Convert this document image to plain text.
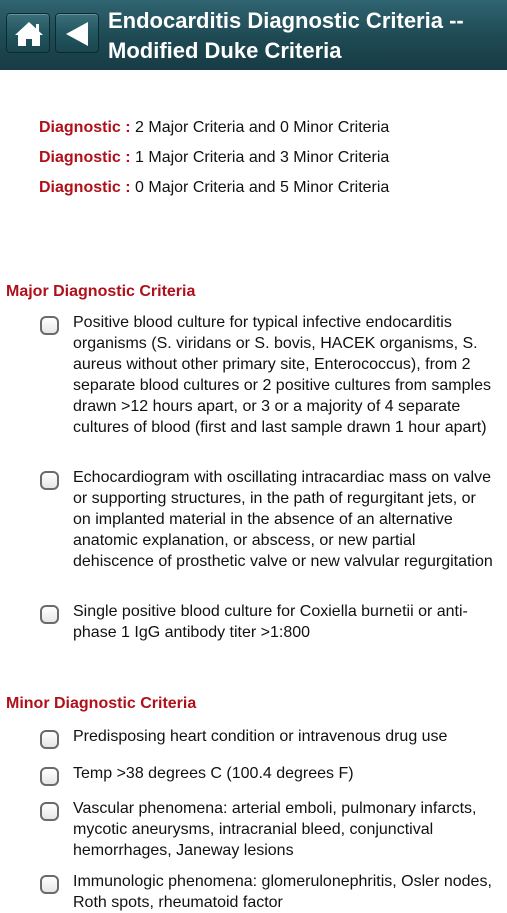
Endocarditis Diagnostic Criteria -- Modified Duke Criteria
Diagnostic : 2 Major Criteria and 0 Minor Criteria
Diagnostic : 1 Major Criteria and 3 Minor Criteria
Diagnostic : 0 Major Criteria and 5 Minor Criteria
Major Diagnostic Criteria
Positive blood culture for typical infective endocarditis organisms (S. viridans or S. bovis, HACEK organisms, S. aureus without other primary site, Enterococcus), from 2 separate blood cultures or 2 positive cultures from samples drawn >12 hours apart, or 3 or a majority of 4 separate cultures of blood (first and last sample drawn 1 hour apart)
Echocardiogram with oscillating intracardiac mass on valve or supporting structures, in the path of regurgitant jets, or on implanted material in the absence of an alternative anatomic explanation, or abscess, or new partial dehiscence of prosthetic valve or new valvular regurgitation
Single positive blood culture for Coxiella burnetii or anti-phase 1 IgG antibody titer >1:800
Minor Diagnostic Criteria
Predisposing heart condition or intravenous drug use
Temp >38 degrees C (100.4 degrees F)
Vascular phenomena: arterial emboli, pulmonary infarcts, mycotic aneurysms, intracranial bleed, conjunctival hemorrhages, Janeway lesions
Immunologic phenomena: glomerulonephritis, Osler nodes, Roth spots, rheumatoid factor
